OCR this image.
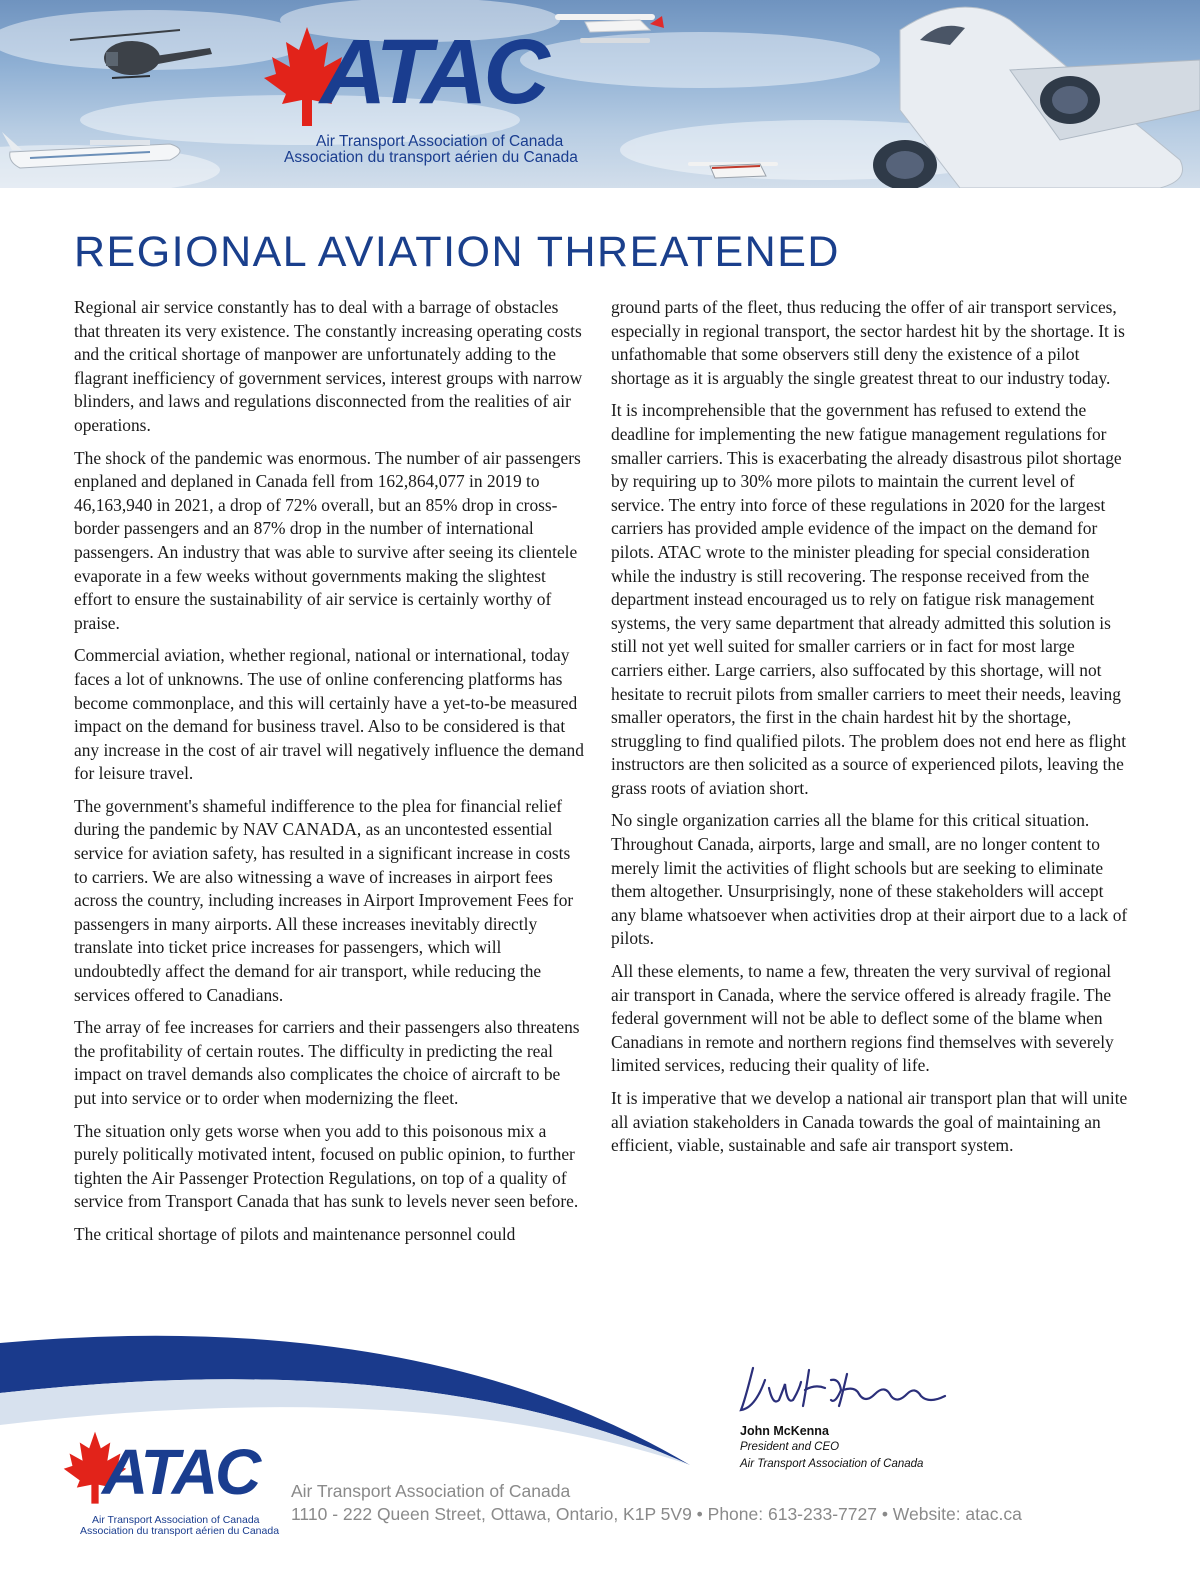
ATAC
Air Transport Association of Canada
Association du transport aérien du Canada
REGIONAL AVIATION THREATENED

Regional air service constantly has to deal with a barrage of obstacles that threaten its very existence. The constantly increasing operating costs and the critical shortage of manpower are unfortunately adding to the flagrant inefficiency of government services, interest groups with narrow blinders, and laws and regulations disconnected from the realities of air operations.

The shock of the pandemic was enormous. The number of air passengers enplaned and deplaned in Canada fell from 162,864,077 in 2019 to 46,163,940 in 2021, a drop of 72% overall, but an 85% drop in cross-border passengers and an 87% drop in the number of international passengers. An industry that was able to survive after seeing its clientele evaporate in a few weeks without governments making the slightest effort to ensure the sustainability of air service is certainly worthy of praise.

Commercial aviation, whether regional, national or international, today faces a lot of unknowns. The use of online conferencing platforms has become commonplace, and this will certainly have a yet-to-be measured impact on the demand for business travel. Also to be considered is that any increase in the cost of air travel will negatively influence the demand for leisure travel.

The government's shameful indifference to the plea for financial relief during the pandemic by NAV CANADA, as an uncontested essential service for aviation safety, has resulted in a significant increase in costs to carriers. We are also witnessing a wave of increases in airport fees across the country, including increases in Airport Improvement Fees for passengers in many airports. All these increases inevitably directly translate into ticket price increases for passengers, which will undoubtedly affect the demand for air transport, while reducing the services offered to Canadians.

The array of fee increases for carriers and their passengers also threatens the profitability of certain routes. The difficulty in predicting the real impact on travel demands also complicates the choice of aircraft to be put into service or to order when modernizing the fleet.

The situation only gets worse when you add to this poisonous mix a purely politically motivated intent, focused on public opinion, to further tighten the Air Passenger Protection Regulations, on top of a quality of service from Transport Canada that has sunk to levels never seen before.

The critical shortage of pilots and maintenance personnel could

ground parts of the fleet, thus reducing the offer of air transport services, especially in regional transport, the sector hardest hit by the shortage. It is unfathomable that some observers still deny the existence of a pilot shortage as it is arguably the single greatest threat to our industry today.

It is incomprehensible that the government has refused to extend the deadline for implementing the new fatigue management regulations for smaller carriers. This is exacerbating the already disastrous pilot shortage by requiring up to 30% more pilots to maintain the current level of service. The entry into force of these regulations in 2020 for the largest carriers has provided ample evidence of the impact on the demand for pilots. ATAC wrote to the minister pleading for special consideration while the industry is still recovering. The response received from the department instead encouraged us to rely on fatigue risk management systems, the very same department that already admitted this solution is still not yet well suited for smaller carriers or in fact for most large carriers either. Large carriers, also suffocated by this shortage, will not hesitate to recruit pilots from smaller carriers to meet their needs, leaving smaller operators, the first in the chain hardest hit by the shortage, struggling to find qualified pilots. The problem does not end here as flight instructors are then solicited as a source of experienced pilots, leaving the grass roots of aviation short.

No single organization carries all the blame for this critical situation. Throughout Canada, airports, large and small, are no longer content to merely limit the activities of flight schools but are seeking to eliminate them altogether. Unsurprisingly, none of these stakeholders will accept any blame whatsoever when activities drop at their airport due to a lack of pilots.

All these elements, to name a few, threaten the very survival of regional air transport in Canada, where the service offered is already fragile. The federal government will not be able to deflect some of the blame when Canadians in remote and northern regions find themselves with severely limited services, reducing their quality of life.

It is imperative that we develop a national air transport plan that will unite all aviation stakeholders in Canada towards the goal of maintaining an efficient, viable, sustainable and safe air transport system.

John McKenna
President and CEO
Air Transport Association of Canada
ATAC
Air Transport Association of Canada
Association du transport aérien du Canada
Air Transport Association of Canada
1110 - 222 Queen Street, Ottawa, Ontario, K1P 5V9 • Phone: 613-233-7727 • Website: atac.ca
